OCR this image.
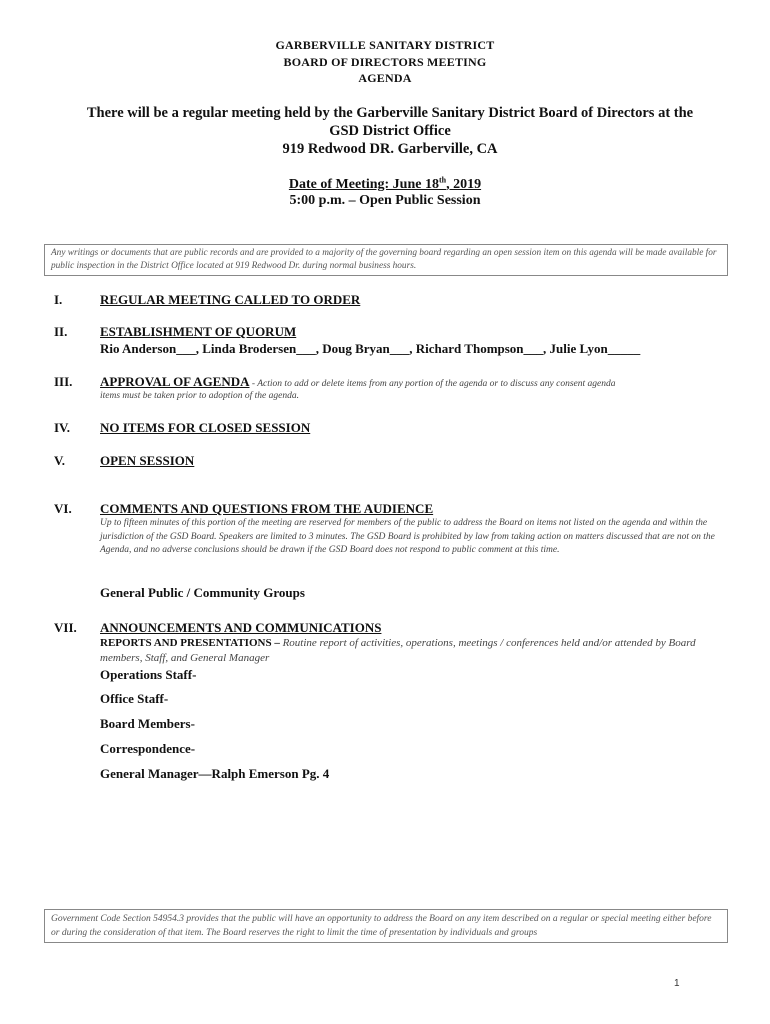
GARBERVILLE SANITARY DISTRICT
BOARD OF DIRECTORS MEETING
AGENDA
There will be a regular meeting held by the Garberville Sanitary District Board of Directors at the
GSD District Office
919 Redwood DR. Garberville, CA
Date of Meeting: June 18th, 2019
5:00 p.m. – Open Public Session
Any writings or documents that are public records and are provided to a majority of the governing board regarding an open session item on this agenda will be made available for public inspection in the District Office located at 919 Redwood Dr. during normal business hours.
I.	REGULAR MEETING CALLED TO ORDER
II.	ESTABLISHMENT OF QUORUM
Rio Anderson___, Linda Brodersen___, Doug Bryan___, Richard Thompson___, Julie Lyon_____
III. APPROVAL OF AGENDA - Action to add or delete items from any portion of the agenda or to discuss any consent agenda
items must be taken prior to adoption of the agenda.
IV. NO ITEMS FOR CLOSED SESSION
V.	OPEN SESSION
VI. COMMENTS AND QUESTIONS FROM THE AUDIENCE
Up to fifteen minutes of this portion of the meeting are reserved for members of the public to address the Board on items not listed on the agenda and within the jurisdiction of the GSD Board. Speakers are limited to 3 minutes. The GSD Board is prohibited by law from taking action on matters discussed that are not on the Agenda, and no adverse conclusions should be drawn if the GSD Board does not respond to public comment at this time.
General Public / Community Groups
VII. ANNOUNCEMENTS AND COMMUNICATIONS
REPORTS AND PRESENTATIONS – Routine report of activities, operations, meetings / conferences held and/or attended by Board members, Staff, and General Manager
Operations Staff-
Office Staff-
Board Members-
Correspondence-
General Manager—Ralph Emerson Pg. 4
Government Code Section 54954.3 provides that the public will have an opportunity to address the Board on any item described on a regular or special meeting either before or during the consideration of that item. The Board reserves the right to limit the time of presentation by individuals and groups
1
